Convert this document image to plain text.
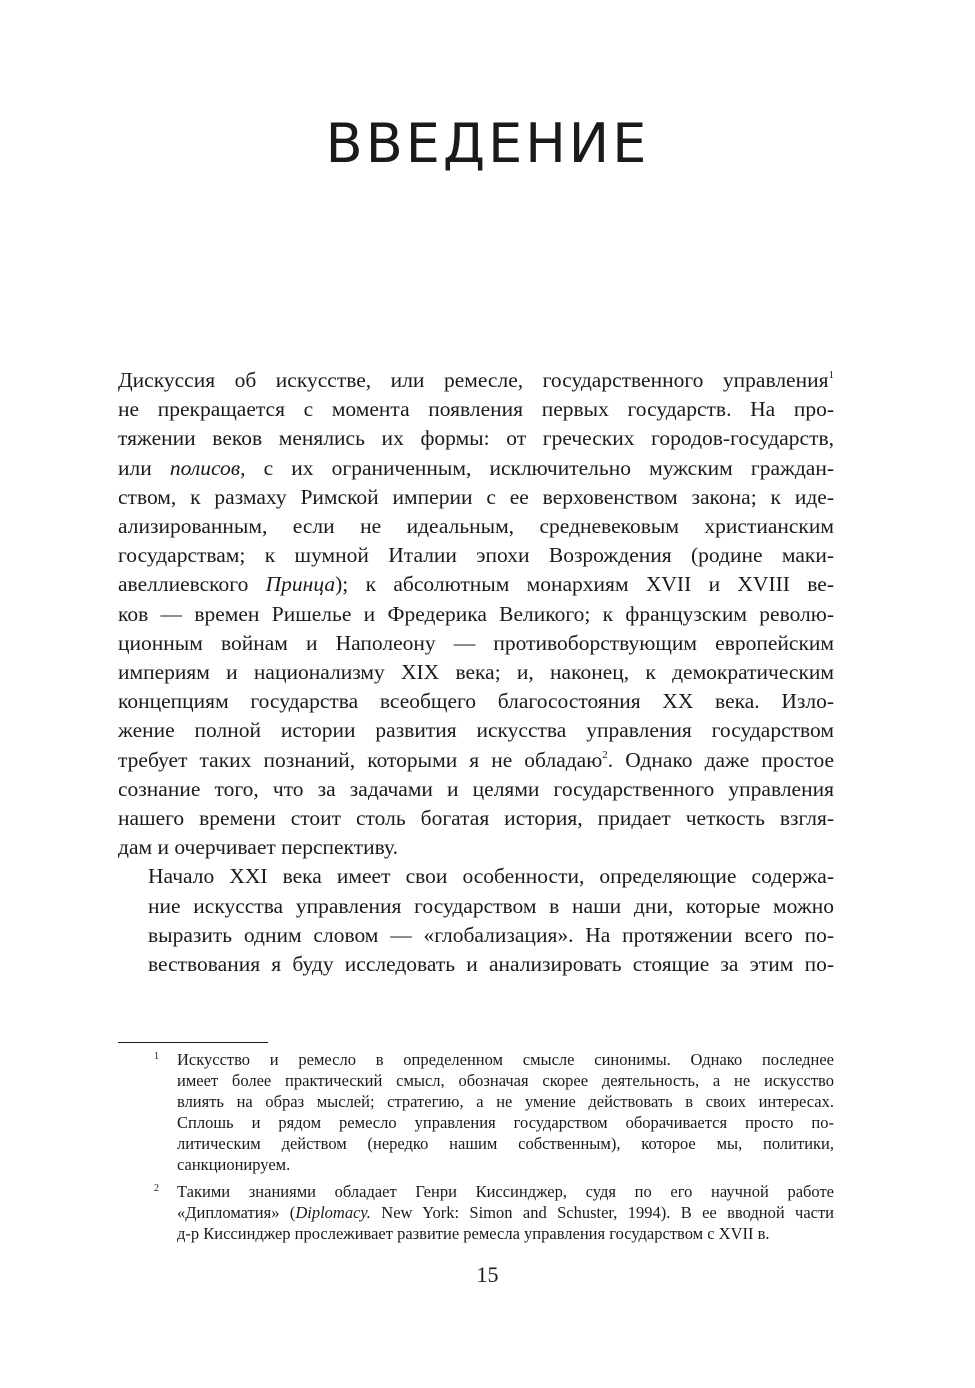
ВВЕДЕНИЕ

Дискуссия об искусстве, или ремесле, государственного управления$^1$
не прекращается с момента появления первых государств. На про-
тяжении веков менялись их формы: от греческих городов-государств,
или полисов, с их ограниченным, исключительно мужским граждан-
ством, к размаху Римской империи с ее верховенством закона; к иде-
ализированным, если не идеальным, средневековым христианским
государствам; к шумной Италии эпохи Возрождения (родине маки-
авеллиевского Принца); к абсолютным монархиям XVII и XVIII ве-
ков — времен Ришелье и Фредерика Великого; к французским револю-
ционным войнам и Наполеону — противоборствующим европейским
империям и национализму XIX века; и, наконец, к демократическим
концепциям государства всеобщего благосостояния XX века. Изло-
жение полной истории развития искусства управления государством
требует таких познаний, которыми я не обладаю$^2$. Однако даже простое
сознание того, что за задачами и целями государственного управления
нашего времени стоит столь богатая история, придает четкость взгля-
дам и очерчивает перспективу.

Начало XXI века имеет свои особенности, определяющие содержа-
ние искусства управления государством в наши дни, которые можно
выразить одним словом — «глобализация». На протяжении всего по-
вествования я буду исследовать и анализировать стоящие за этим по-

1 Искусство и ремесло в определенном смысле синонимы. Однако последнее
имеет более практический смысл, обозначая скорее деятельность, а не искусство
влиять на образ мыслей; стратегию, а не умение действовать в своих интересах.
Сплошь и рядом ремесло управления государством оборачивается просто по-
литическим действом (нередко нашим собственным), которое мы, политики,
санкционируем.
2 Такими знаниями обладает Генри Киссинджер, судя по его научной работе
«Дипломатия» (Diplomacy. New York: Simon and Schuster, 1994). В ее вводной части
д-р Киссинджер прослеживает развитие ремесла управления государством с XVII в.
15
